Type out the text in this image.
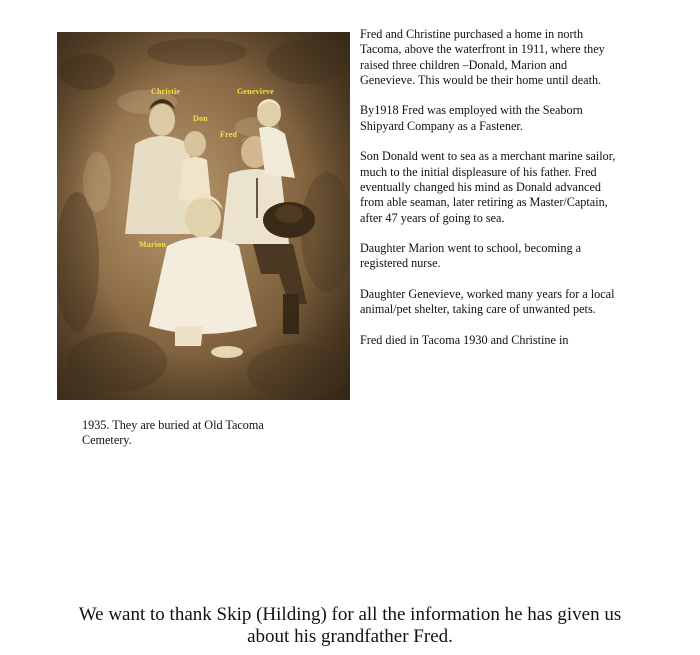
Christie	Genevieve
Don
Fred
Marion

Fred and Christine purchased a home in north Tacoma, above the waterfront in 1911, where they raised three children –Donald, Marion and Genevieve. This would be their home until death.

By1918 Fred was employed with the Seaborn Shipyard Company as a Fastener.

Son Donald went to sea as a merchant marine sailor, much to the initial displeasure of his father. Fred eventually changed his mind as Donald advanced from able seaman, later retiring as Master/Captain, after 47 years of going to sea.

Daughter Marion went to school, becoming a registered nurse.

Daughter Genevieve, worked many years for a local animal/pet shelter, taking care of unwanted pets.

Fred died in Tacoma 1930 and Christine in

1935. They are buried at Old Tacoma Cemetery.

We want to thank Skip (Hilding) for all the information he has given us about his grandfather Fred.
